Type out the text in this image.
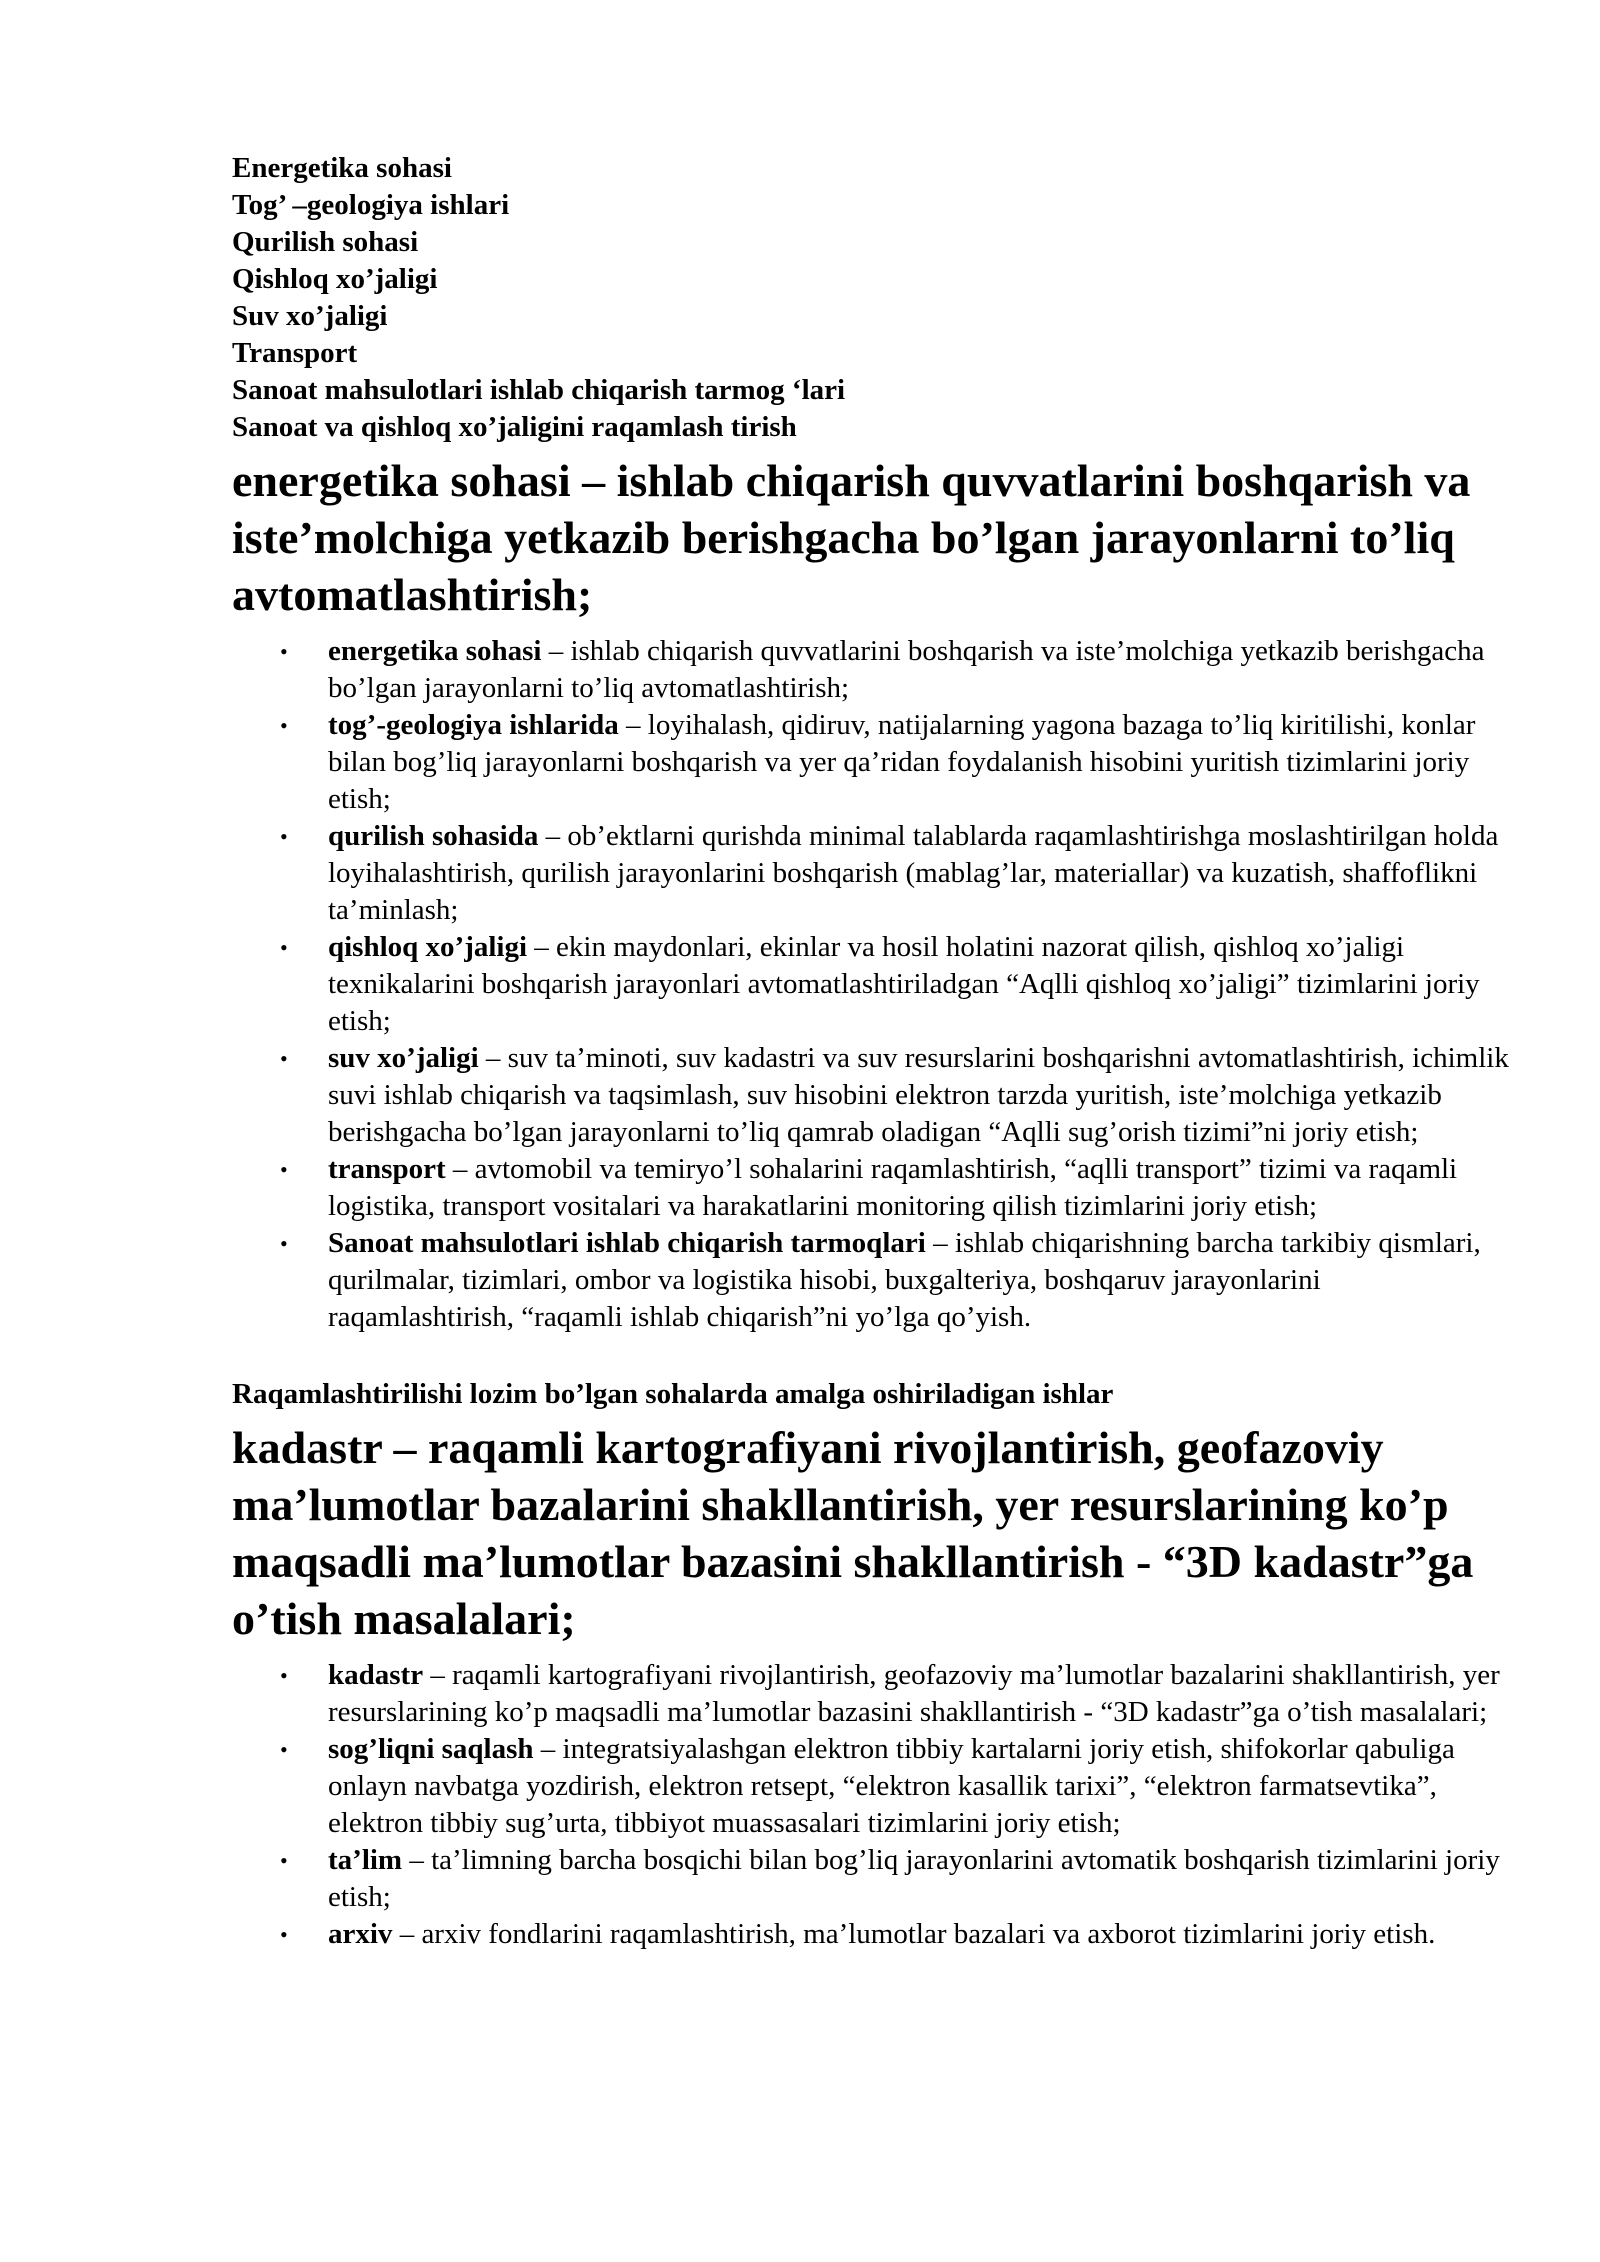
Energetika sohasi

Tog’ –geologiya ishlari

Qurilish sohasi

Qishloq xo’jaligi

Suv xo’jaligi

Transport

Sanoat mahsulotlari ishlab chiqarish tarmog ‘lari

Sanoat va qishloq xo’jaligini raqamlash tirish

energetika sohasi – ishlab chiqarish quvvatlarini boshqarish va iste’molchiga yetkazib berishgacha bo’lgan jarayonlarni to’liq avtomatlashtirish;
• energetika sohasi – ishlab chiqarish quvvatlarini boshqarish va iste’molchiga yetkazib berishgacha bo’lgan jarayonlarni to’liq avtomatlashtirish;
• tog’-geologiya ishlarida – loyihalash, qidiruv, natijalarning yagona bazaga to’liq kiritilishi, konlar bilan bog’liq jarayonlarni boshqarish va yer qa’ridan foydalanish hisobini yuritish tizimlarini joriy etish;
• qurilish sohasida – ob’ektlarni qurishda minimal talablarda raqamlashtirishga moslashtirilgan holda loyihalashtirish, qurilish jarayonlarini boshqarish (mablag’lar, materiallar) va kuzatish, shaffoflikni ta’minlash;
• qishloq xo’jaligi – ekin maydonlari, ekinlar va hosil holatini nazorat qilish, qishloq xo’jaligi texnikalarini boshqarish jarayonlari avtomatlashtiriladgan “Aqlli qishloq xo’jaligi” tizimlarini joriy etish;
• suv xo’jaligi – suv ta’minoti, suv kadastri va suv resurslarini boshqarishni avtomatlashtirish, ichimlik suvi ishlab chiqarish va taqsimlash, suv hisobini elektron tarzda yuritish, iste’molchiga yetkazib berishgacha bo’lgan jarayonlarni to’liq qamrab oladigan “Aqlli sug’orish tizimi”ni joriy etish;
• transport – avtomobil va temiryo’l sohalarini raqamlashtirish, “aqlli transport” tizimi va raqamli logistika, transport vositalari va harakatlarini monitoring qilish tizimlarini joriy etish;
• Sanoat mahsulotlari ishlab chiqarish tarmoqlari – ishlab chiqarishning barcha tarkibiy qismlari, qurilmalar, tizimlari, ombor va logistika hisobi, buxgalteriya, boshqaruv jarayonlarini raqamlashtirish, “raqamli ishlab chiqarish”ni yo’lga qo’yish.

Raqamlashtirilishi lozim bo’lgan sohalarda amalga oshiriladigan ishlar

kadastr – raqamli kartografiyani rivojlantirish, geofazoviy ma’lumotlar bazalarini shakllantirish, yer resurslarining ko’p maqsadli ma’lumotlar bazasini shakllantirish - “3D kadastr”ga o’tish masalalari;
• kadastr – raqamli kartografiyani rivojlantirish, geofazoviy ma’lumotlar bazalarini shakllantirish, yer resurslarining ko’p maqsadli ma’lumotlar bazasini shakllantirish - “3D kadastr”ga o’tish masalalari;
• sog’liqni saqlash – integratsiyalashgan elektron tibbiy kartalarni joriy etish, shifokorlar qabuliga onlayn navbatga yozdirish, elektron retsept, “elektron kasallik tarixi”, “elektron farmatsevtika”, elektron tibbiy sug’urta, tibbiyot muassasalari tizimlarini joriy etish;
• ta’lim – ta’limning barcha bosqichi bilan bog’liq jarayonlarini avtomatik boshqarish tizimlarini joriy etish;
• arxiv – arxiv fondlarini raqamlashtirish, ma’lumotlar bazalari va axborot tizimlarini joriy etish.
